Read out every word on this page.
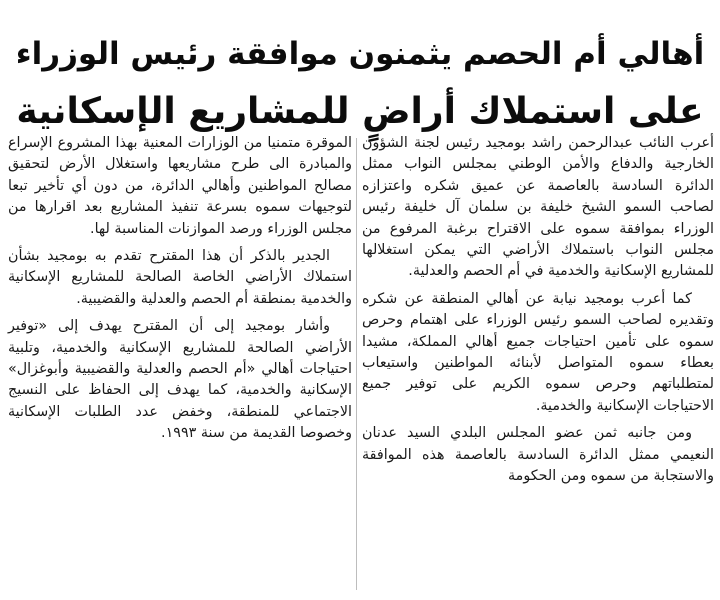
أهالي أم الحصم يثمنون موافقة رئيس الوزراء
على استملاك أراضٍ للمشاريع الإسكانية

أعرب النائب عبدالرحمن راشد بومجيد رئيس لجنة الشؤون الخارجية والدفاع والأمن الوطني بمجلس النواب ممثل الدائرة السادسة بالعاصمة عن عميق شكره واعتزازه لصاحب السمو الشيخ خليفة بن سلمان آل خليفة رئيس الوزراء بموافقة سموه على الاقتراح برغبة المرفوع من مجلس النواب باستملاك الأراضي التي يمكن استغلالها للمشاريع الإسكانية والخدمية في أم الحصم والعدلية.

كما أعرب بومجيد نيابة عن أهالي المنطقة عن شكره وتقديره لصاحب السمو رئيس الوزراء على اهتمام وحرص سموه على تأمين احتياجات جميع أهالي المملكة، مشيدا بعطاء سموه المتواصل لأبنائه المواطنين واستيعاب لمتطلباتهم وحرص سموه الكريم على توفير جميع الاحتياجات الإسكانية والخدمية.

ومن جانبه ثمن عضو المجلس البلدي السيد عدنان النعيمي ممثل الدائرة السادسة بالعاصمة هذه الموافقة والاستجابة من سموه ومن الحكومة

الموقرة متمنيا من الوزارات المعنية بهذا المشروع الإسراع والمبادرة الى طرح مشاريعها واستغلال الأرض لتحقيق مصالح المواطنين وأهالي الدائرة، من دون أي تأخير تبعا لتوجيهات سموه بسرعة تنفيذ المشاريع بعد اقرارها من مجلس الوزراء ورصد الموازنات المناسبة لها.

الجدير بالذكر أن هذا المقترح تقدم به بومجيد بشأن استملاك الأراضي الخاصة الصالحة للمشاريع الإسكانية والخدمية بمنطقة أم الحصم والعدلية والقضيبية.

وأشار بومجيد إلى أن المقترح يهدف إلى «توفير الأراضي الصالحة للمشاريع الإسكانية والخدمية، وتلبية احتياجات أهالي «أم الحصم والعدلية والقضيبية وأبوغزال» الإسكانية والخدمية، كما يهدف إلى الحفاظ على النسيج الاجتماعي للمنطقة، وخفض عدد الطلبات الإسكانية وخصوصا القديمة من سنة ١٩٩٣.
